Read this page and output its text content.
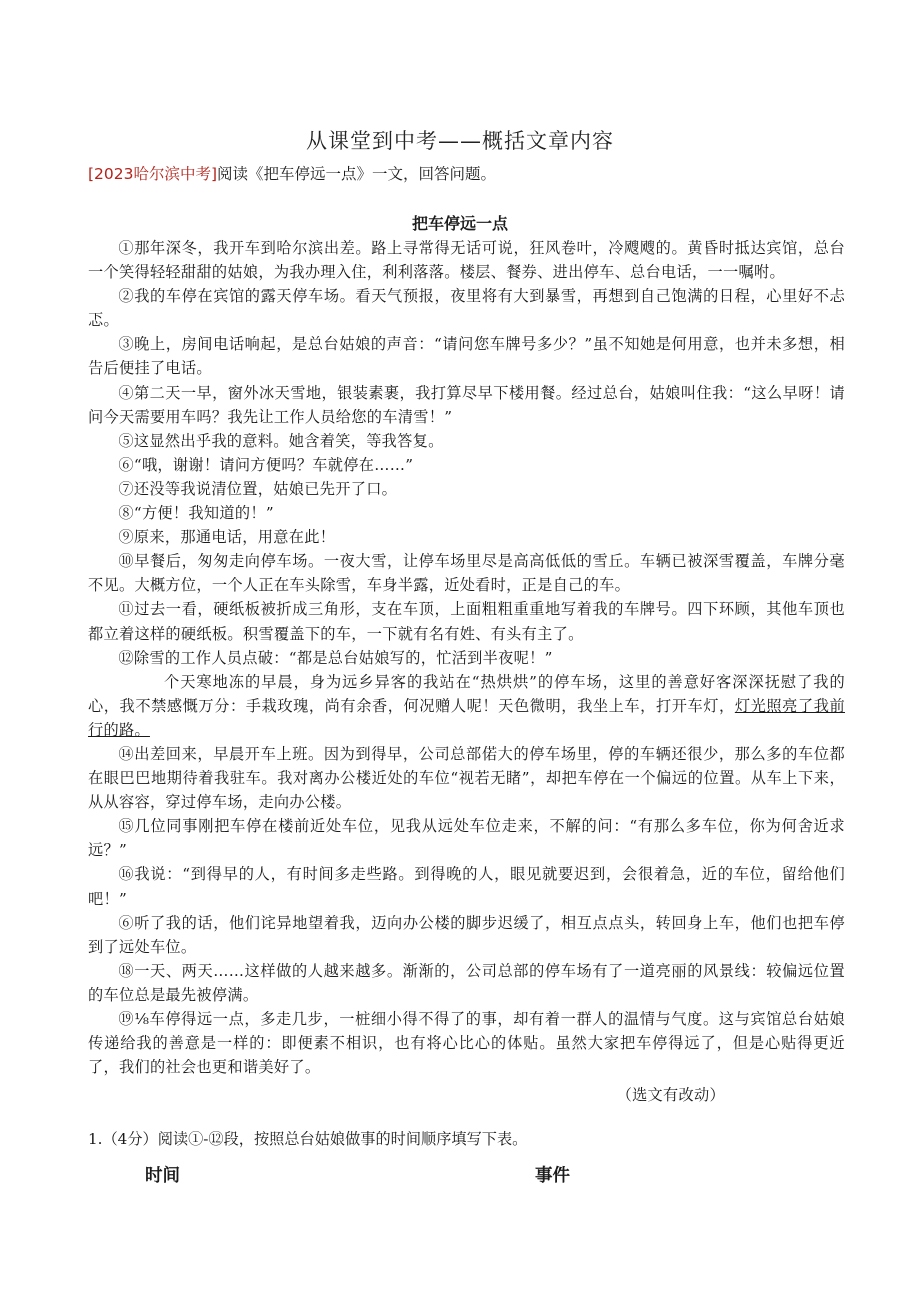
从课堂到中考——概括文章内容
[2023哈尔滨中考]阅读《把车停远一点》一文，回答问题。
把车停远一点

①那年深冬，我开车到哈尔滨出差。路上寻常得无话可说，狂风卷叶，冷飕飕的。黄昏时抵达宾馆，总台一个笑得轻轻甜甜的姑娘，为我办理入住，利利落落。楼层、餐券、进出停车、总台电话，一一嘱咐。

②我的车停在宾馆的露天停车场。看天气预报，夜里将有大到暴雪，再想到自己饱满的日程，心里好不忐忑。

③晚上，房间电话响起，是总台姑娘的声音：“请问您车牌号多少？”虽不知她是何用意，也并未多想，相告后便挂了电话。

④第二天一早，窗外冰天雪地，银装素裹，我打算尽早下楼用餐。经过总台，姑娘叫住我：“这么早呀！请问今天需要用车吗？我先让工作人员给您的车清雪！”

⑤这显然出乎我的意料。她含着笑，等我答复。

⑥“哦，谢谢！请问方便吗？车就停在……”

⑦还没等我说清位置，姑娘已先开了口。

⑧“方便！我知道的！”

⑨原来，那通电话，用意在此！

⑩早餐后，匆匆走向停车场。一夜大雪，让停车场里尽是高高低低的雪丘。车辆已被深雪覆盖，车牌分毫不见。大概方位，一个人正在车头除雪，车身半露，近处看时，正是自己的车。

⑪过去一看，硬纸板被折成三角形，支在车顶，上面粗粗重重地写着我的车牌号。四下环顾，其他车顶也都立着这样的硬纸板。积雪覆盖下的车，一下就有名有姓、有头有主了。

⑫除雪的工作人员点破：“都是总台姑娘写的，忙活到半夜呢！”

个天寒地冻的早晨，身为远乡异客的我站在“热烘烘”的停车场，这里的善意好客深深抚慰了我的心，我不禁感慨万分：手栽玫瑰，尚有余香，何况赠人呢！天色微明，我坐上车，打开车灯，灯光照亮了我前行的路。

⑭出差回来，早晨开车上班。因为到得早，公司总部偌大的停车场里，停的车辆还很少，那么多的车位都在眼巴巴地期待着我驻车。我对离办公楼近处的车位“视若无睹”，却把车停在一个偏远的位置。从车上下来，从从容容，穿过停车场，走向办公楼。

⑮几位同事刚把车停在楼前近处车位，见我从远处车位走来，不解的问：“有那么多车位，你为何舍近求远？”

⑯我说：“到得早的人，有时间多走些路。到得晚的人，眼见就要迟到，会很着急，近的车位，留给他们吧！”

⑥听了我的话，他们诧异地望着我，迈向办公楼的脚步迟缓了，相互点点头，转回身上车，他们也把车停到了远处车位。

⑱一天、两天……这样做的人越来越多。渐渐的，公司总部的停车场有了一道亮丽的风景线：较偏远位置的车位总是最先被停满。

⑲⅛车停得远一点，多走几步，一桩细小得不得了的事，却有着一群人的温情与气度。这与宾馆总台姑娘传递给我的善意是一样的：即便素不相识，也有将心比心的体贴。虽然大家把车停得远了，但是心贴得更近了，我们的社会也更和谐美好了。

（选文有改动）
1.（4分）阅读①-⑫段，按照总台姑娘做事的时间顺序填写下表。
时间	事件
